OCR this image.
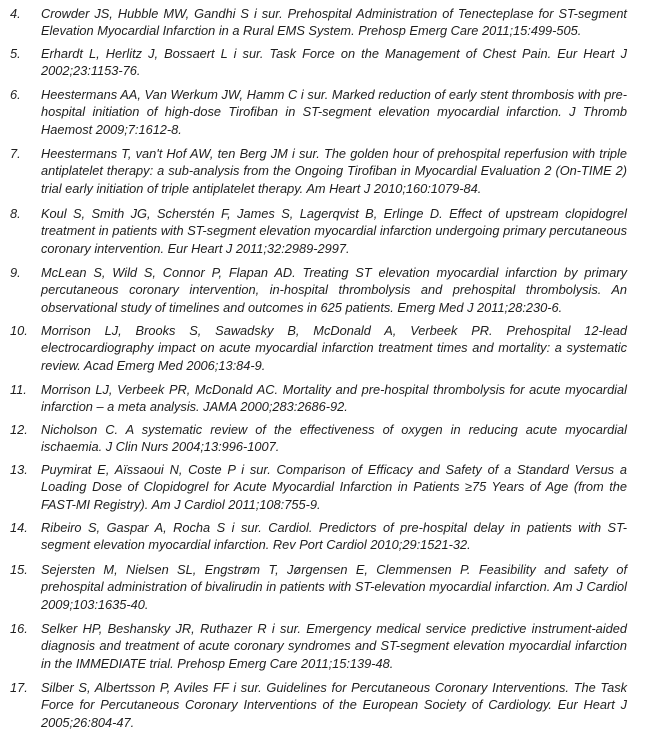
4.	Crowder JS, Hubble MW, Gandhi S i sur. Prehospital Administration of Tenecteplase for ST-segment Elevation Myocardial Infarction in a Rural EMS System. Prehosp Emerg Care 2011;15:499-505.
5.	Erhardt L, Herlitz J, Bossaert L i sur. Task Force on the Management of Chest Pain. Eur Heart J 2002;23:1153-76.
6.	Heestermans AA, Van Werkum JW, Hamm C i sur. Marked reduction of early stent thrombosis with pre-hospital initiation of high-dose Tirofiban in ST-segment elevation myocardial infarction. J Thromb Haemost 2009;7:1612-8.
7.	Heestermans T, van't Hof AW, ten Berg JM i sur. The golden hour of prehospital reperfusion with triple antiplatelet therapy: a sub-analysis from the Ongoing Tirofiban in Myocardial Evaluation 2 (On-TIME 2) trial early initiation of triple antiplatelet therapy. Am Heart J 2010;160:1079-84.
8.	Koul S, Smith JG, Scherstén F, James S, Lagerqvist B, Erlinge D. Effect of upstream clopidogrel treatment in patients with ST-segment elevation myocardial infarction undergoing primary percutaneous coronary intervention. Eur Heart J 2011;32:2989-2997.
9.	McLean S, Wild S, Connor P, Flapan AD. Treating ST elevation myocardial infarction by primary percutaneous coronary intervention, in-hospital thrombolysis and prehospital thrombolysis. An observational study of timelines and outcomes in 625 patients. Emerg Med J 2011;28:230-6.
10.	Morrison LJ, Brooks S, Sawadsky B, McDonald A, Verbeek PR. Prehospital 12-lead electrocardiography impact on acute myocardial infarction treatment times and mortality: a systematic review. Acad Emerg Med 2006;13:84-9.
11.	Morrison LJ, Verbeek PR, McDonald AC. Mortality and pre-hospital thrombolysis for acute myocardial infarction – a meta analysis. JAMA 2000;283:2686-92.
12.	Nicholson C. A systematic review of the effectiveness of oxygen in reducing acute myocardial ischaemia. J Clin Nurs 2004;13:996-1007.
13.	Puymirat E, Aïssaoui N, Coste P i sur. Comparison of Efficacy and Safety of a Standard Versus a Loading Dose of Clopidogrel for Acute Myocardial Infarction in Patients ≥75 Years of Age (from the FAST-MI Registry). Am J Cardiol 2011;108:755-9.
14.	Ribeiro S, Gaspar A, Rocha S i sur. Cardiol. Predictors of pre-hospital delay in patients with ST-segment elevation myocardial infarction. Rev Port Cardiol 2010;29:1521-32.
15.	Sejersten M, Nielsen SL, Engstrøm T, Jørgensen E, Clemmensen P. Feasibility and safety of prehospital administration of bivalirudin in patients with ST-elevation myocardial infarction. Am J Cardiol 2009;103:1635-40.
16.	Selker HP, Beshansky JR, Ruthazer R i sur. Emergency medical service predictive instrument-aided diagnosis and treatment of acute coronary syndromes and ST-segment elevation myocardial infarction in the IMMEDIATE trial. Prehosp Emerg Care 2011;15:139-48.
17.	Silber S, Albertsson P, Aviles FF i sur. Guidelines for Percutaneous Coronary Interventions. The Task Force for Percutaneous Coronary Interventions of the European Society of Cardiology. Eur Heart J 2005;26:804-47.
